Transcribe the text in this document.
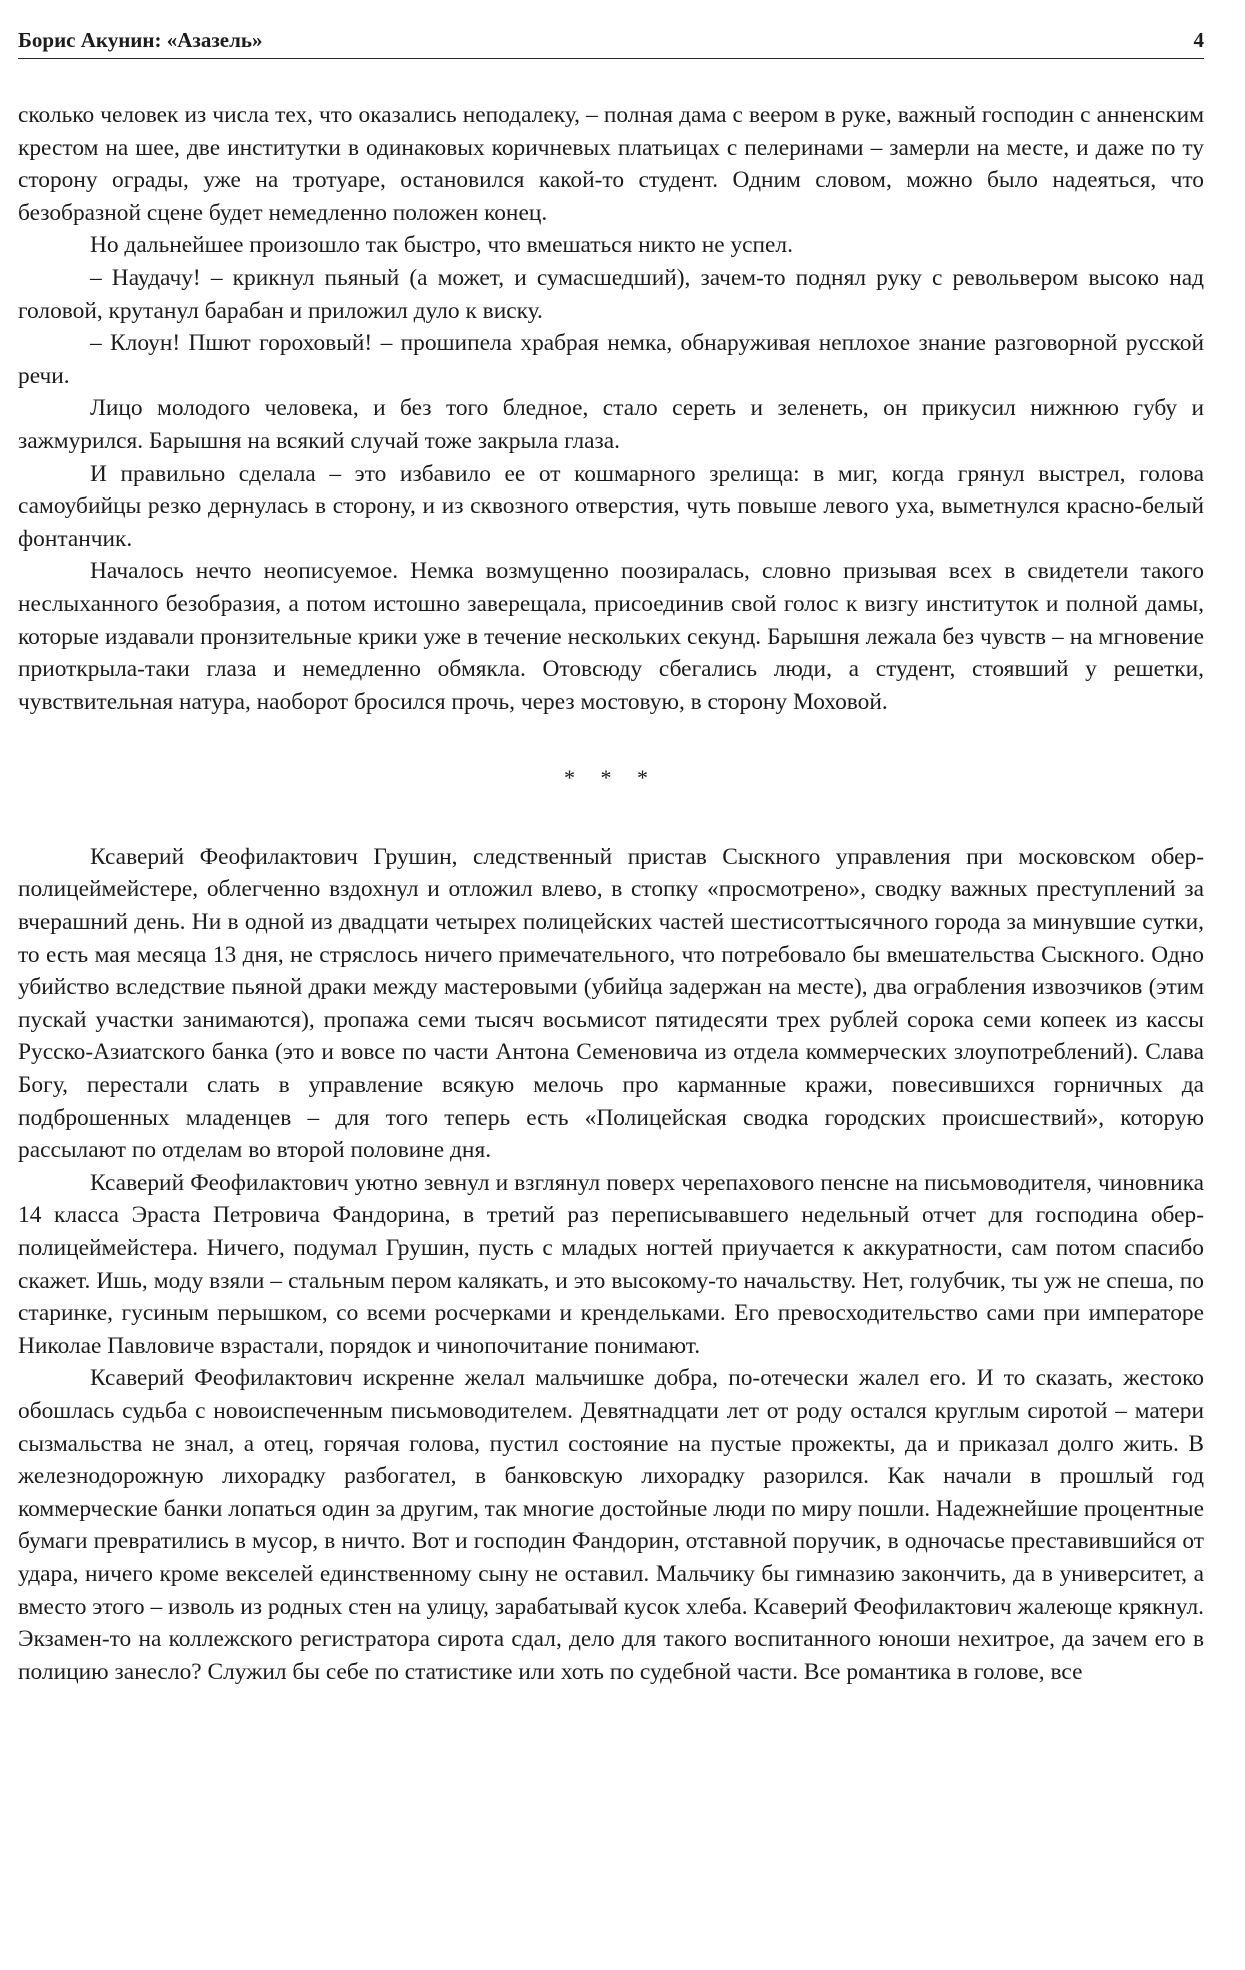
Борис Акунин: «Азазель»	4

сколько человек из числа тех, что оказались неподалеку, – полная дама с веером в руке, важный господин с анненским крестом на шее, две институтки в одинаковых коричневых платьицах с пелеринами – замерли на месте, и даже по ту сторону ограды, уже на тротуаре, остановился какой-то студент. Одним словом, можно было надеяться, что безобразной сцене будет немедленно положен конец.

Но дальнейшее произошло так быстро, что вмешаться никто не успел.

– Наудачу! – крикнул пьяный (а может, и сумасшедший), зачем-то поднял руку с револьвером высоко над головой, крутанул барабан и приложил дуло к виску.

– Клоун! Пшют гороховый! – прошипела храбрая немка, обнаруживая неплохое знание разговорной русской речи.

Лицо молодого человека, и без того бледное, стало сереть и зеленеть, он прикусил нижнюю губу и зажмурился. Барышня на всякий случай тоже закрыла глаза.

И правильно сделала – это избавило ее от кошмарного зрелища: в миг, когда грянул выстрел, голова самоубийцы резко дернулась в сторону, и из сквозного отверстия, чуть повыше левого уха, выметнулся красно-белый фонтанчик.

Началось нечто неописуемое. Немка возмущенно поозиралась, словно призывая всех в свидетели такого неслыханного безобразия, а потом истошно заверещала, присоединив свой голос к визгу институток и полной дамы, которые издавали пронзительные крики уже в течение нескольких секунд. Барышня лежала без чувств – на мгновение приоткрыла-таки глаза и немедленно обмякла. Отовсюду сбегались люди, а студент, стоявший у решетки, чувствительная натура, наоборот бросился прочь, через мостовую, в сторону Моховой.

* * *

Ксаверий Феофилактович Грушин, следственный пристав Сыскного управления при московском обер-полицеймейстере, облегченно вздохнул и отложил влево, в стопку «просмотрено», сводку важных преступлений за вчерашний день. Ни в одной из двадцати четырех полицейских частей шестисоттысячного города за минувшие сутки, то есть мая месяца 13 дня, не стряслось ничего примечательного, что потребовало бы вмешательства Сыскного. Одно убийство вследствие пьяной драки между мастеровыми (убийца задержан на месте), два ограбления извозчиков (этим пускай участки занимаются), пропажа семи тысяч восьмисот пятидесяти трех рублей сорока семи копеек из кассы Русско-Азиатского банка (это и вовсе по части Антона Семеновича из отдела коммерческих злоупотреблений). Слава Богу, перестали слать в управление всякую мелочь про карманные кражи, повесившихся горничных да подброшенных младенцев – для того теперь есть «Полицейская сводка городских происшествий», которую рассылают по отделам во второй половине дня.

Ксаверий Феофилактович уютно зевнул и взглянул поверх черепахового пенсне на письмоводителя, чиновника 14 класса Эраста Петровича Фандорина, в третий раз переписывавшего недельный отчет для господина обер-полицеймейстера. Ничего, подумал Грушин, пусть с младых ногтей приучается к аккуратности, сам потом спасибо скажет. Ишь, моду взяли – стальным пером калякать, и это высокому-то начальству. Нет, голубчик, ты уж не спеша, по старинке, гусиным перышком, со всеми росчерками и крендельками. Его превосходительство сами при императоре Николае Павловиче взрастали, порядок и чинопочитание понимают.

Ксаверий Феофилактович искренне желал мальчишке добра, по-отечески жалел его. И то сказать, жестоко обошлась судьба с новоиспеченным письмоводителем. Девятнадцати лет от роду остался круглым сиротой – матери сызмальства не знал, а отец, горячая голова, пустил состояние на пустые прожекты, да и приказал долго жить. В железнодорожную лихорадку разбогател, в банковскую лихорадку разорился. Как начали в прошлый год коммерческие банки лопаться один за другим, так многие достойные люди по миру пошли. Надежнейшие процентные бумаги превратились в мусор, в ничто. Вот и господин Фандорин, отставной поручик, в одночасье преставившийся от удара, ничего кроме векселей единственному сыну не оставил. Мальчику бы гимназию закончить, да в университет, а вместо этого – изволь из родных стен на улицу, зарабатывай кусок хлеба. Ксаверий Феофилактович жалеюще крякнул. Экзамен-то на коллежского регистратора сирота сдал, дело для такого воспитанного юноши нехитрое, да зачем его в полицию занесло? Служил бы себе по статистике или хоть по судебной части. Все романтика в голове, все
